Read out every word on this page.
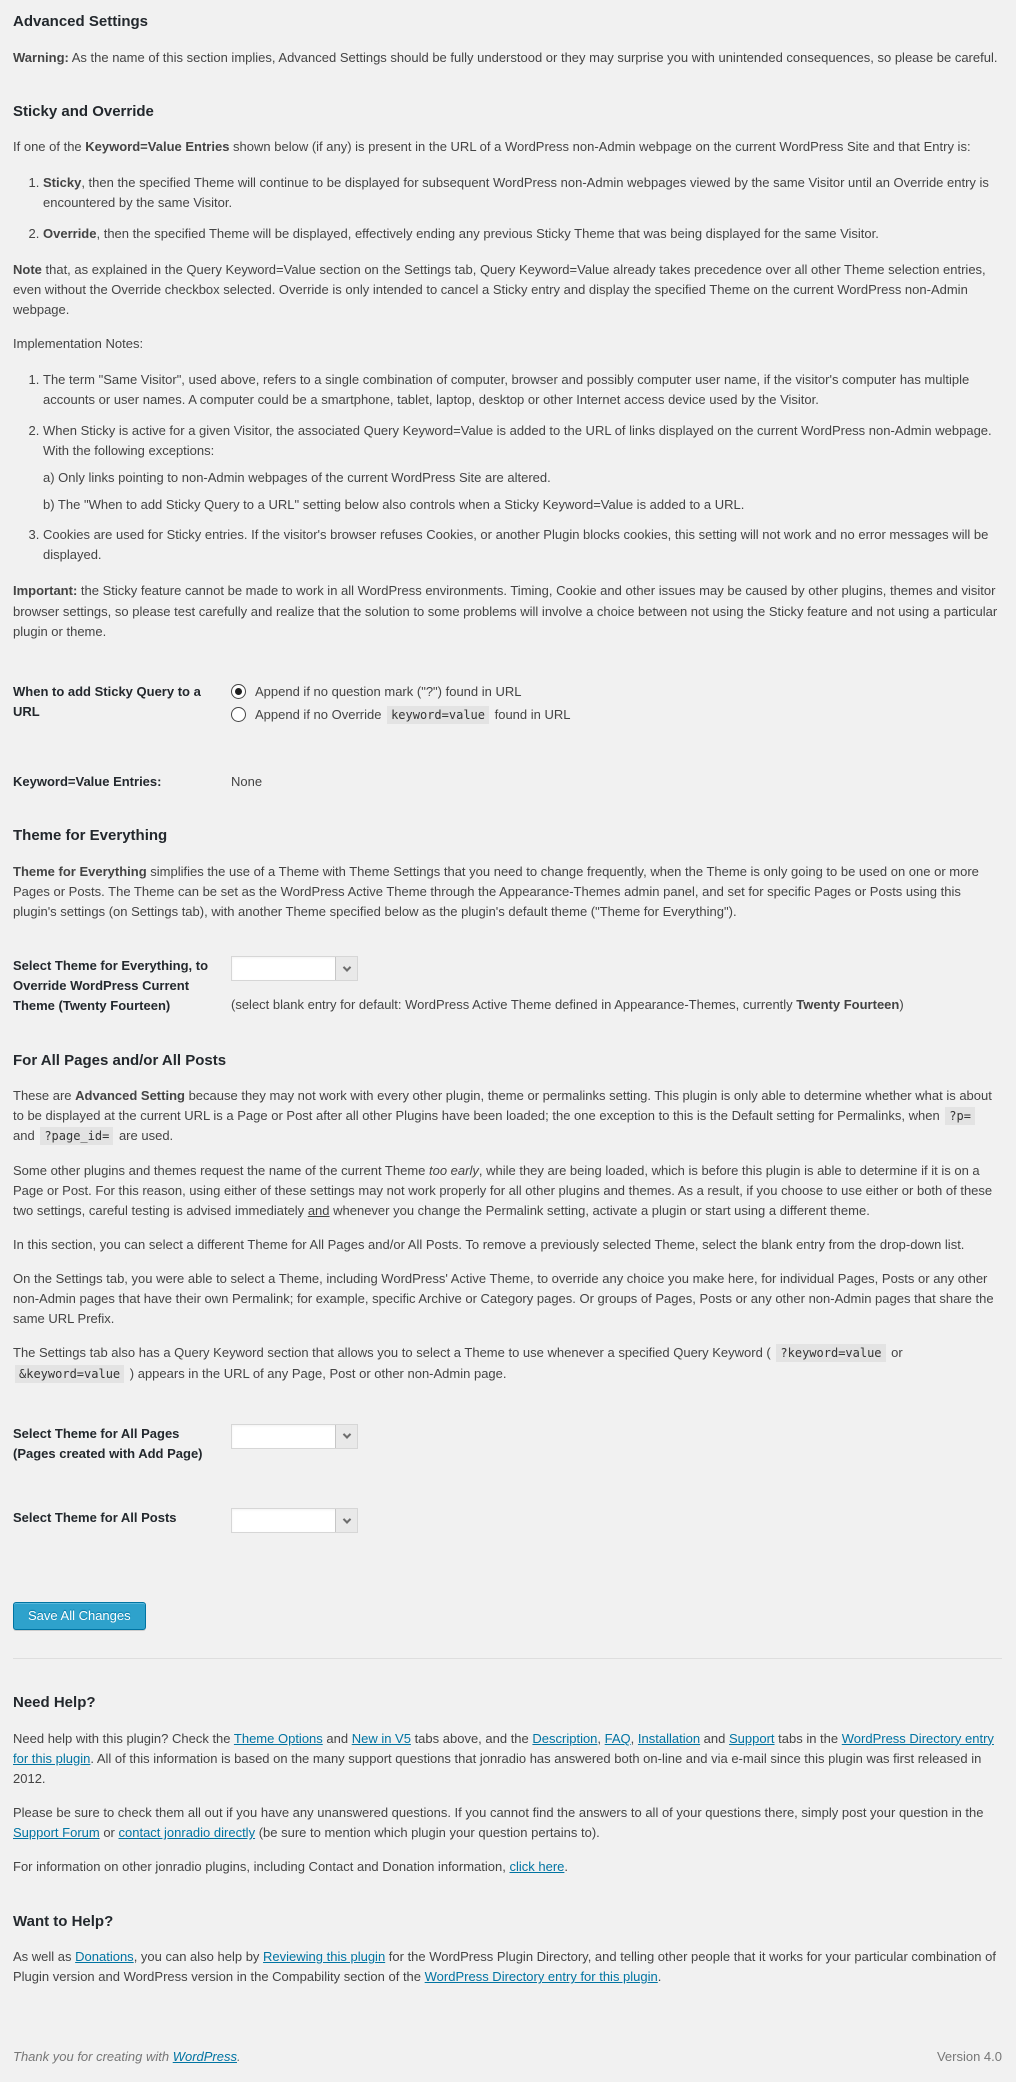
Advanced Settings

Warning: As the name of this section implies, Advanced Settings should be fully understood or they may surprise you with unintended consequences, so please be careful.

Sticky and Override

If one of the Keyword=Value Entries shown below (if any) is present in the URL of a WordPress non-Admin webpage on the current WordPress Site and that Entry is:

1. Sticky, then the specified Theme will continue to be displayed for subsequent WordPress non-Admin webpages viewed by the same Visitor until an Override entry is encountered by the same Visitor.
2. Override, then the specified Theme will be displayed, effectively ending any previous Sticky Theme that was being displayed for the same Visitor.

Note that, as explained in the Query Keyword=Value section on the Settings tab, Query Keyword=Value already takes precedence over all other Theme selection entries, even without the Override checkbox selected. Override is only intended to cancel a Sticky entry and display the specified Theme on the current WordPress non-Admin webpage.

Implementation Notes:

1. The term "Same Visitor", used above, refers to a single combination of computer, browser and possibly computer user name, if the visitor's computer has multiple accounts or user names. A computer could be a smartphone, tablet, laptop, desktop or other Internet access device used by the Visitor.
2. When Sticky is active for a given Visitor, the associated Query Keyword=Value is added to the URL of links displayed on the current WordPress non-Admin webpage. With the following exceptions:
a) Only links pointing to non-Admin webpages of the current WordPress Site are altered.
b) The "When to add Sticky Query to a URL" setting below also controls when a Sticky Keyword=Value is added to a URL.
3. Cookies are used for Sticky entries. If the visitor's browser refuses Cookies, or another Plugin blocks cookies, this setting will not work and no error messages will be displayed.

Important: the Sticky feature cannot be made to work in all WordPress environments. Timing, Cookie and other issues may be caused by other plugins, themes and visitor browser settings, so please test carefully and realize that the solution to some problems will involve a choice between not using the Sticky feature and not using a particular plugin or theme.

When to add Sticky Query to a URL
Append if no question mark ("?") found in URL
Append if no Override keyword=value found in URL
Keyword=Value Entries:	None
Theme for Everything

Theme for Everything simplifies the use of a Theme with Theme Settings that you need to change frequently, when the Theme is only going to be used on one or more Pages or Posts. The Theme can be set as the WordPress Active Theme through the Appearance-Themes admin panel, and set for specific Pages or Posts using this plugin's settings (on Settings tab), with another Theme specified below as the plugin's default theme ("Theme for Everything").

Select Theme for Everything, to Override WordPress Current Theme (Twenty Fourteen)	(select blank entry for default: WordPress Active Theme defined in Appearance-Themes, currently Twenty Fourteen)
For All Pages and/or All Posts

These are Advanced Setting because they may not work with every other plugin, theme or permalinks setting. This plugin is only able to determine whether what is about to be displayed at the current URL is a Page or Post after all other Plugins have been loaded; the one exception to this is the Default setting for Permalinks, when ?p= and ?page_id= are used.

Some other plugins and themes request the name of the current Theme too early, while they are being loaded, which is before this plugin is able to determine if it is on a Page or Post. For this reason, using either of these settings may not work properly for all other plugins and themes. As a result, if you choose to use either or both of these two settings, careful testing is advised immediately and whenever you change the Permalink setting, activate a plugin or start using a different theme.

In this section, you can select a different Theme for All Pages and/or All Posts. To remove a previously selected Theme, select the blank entry from the drop-down list.

On the Settings tab, you were able to select a Theme, including WordPress' Active Theme, to override any choice you make here, for individual Pages, Posts or any other non-Admin pages that have their own Permalink; for example, specific Archive or Category pages. Or groups of Pages, Posts or any other non-Admin pages that share the same URL Prefix.

The Settings tab also has a Query Keyword section that allows you to select a Theme to use whenever a specified Query Keyword ( ?keyword=value or &keyword=value ) appears in the URL of any Page, Post or other non-Admin page.

Select Theme for All Pages (Pages created with Add Page)
Select Theme for All Posts
Save All Changes
Need Help?

Need help with this plugin? Check the Theme Options and New in V5 tabs above, and the Description, FAQ, Installation and Support tabs in the WordPress Directory entry for this plugin. All of this information is based on the many support questions that jonradio has answered both on-line and via e-mail since this plugin was first released in 2012.

Please be sure to check them all out if you have any unanswered questions. If you cannot find the answers to all of your questions there, simply post your question in the Support Forum or contact jonradio directly (be sure to mention which plugin your question pertains to).

For information on other jonradio plugins, including Contact and Donation information, click here.

Want to Help?

As well as Donations, you can also help by Reviewing this plugin for the WordPress Plugin Directory, and telling other people that it works for your particular combination of Plugin version and WordPress version in the Compability section of the WordPress Directory entry for this plugin.

Thank you for creating with WordPress.	Version 4.0
